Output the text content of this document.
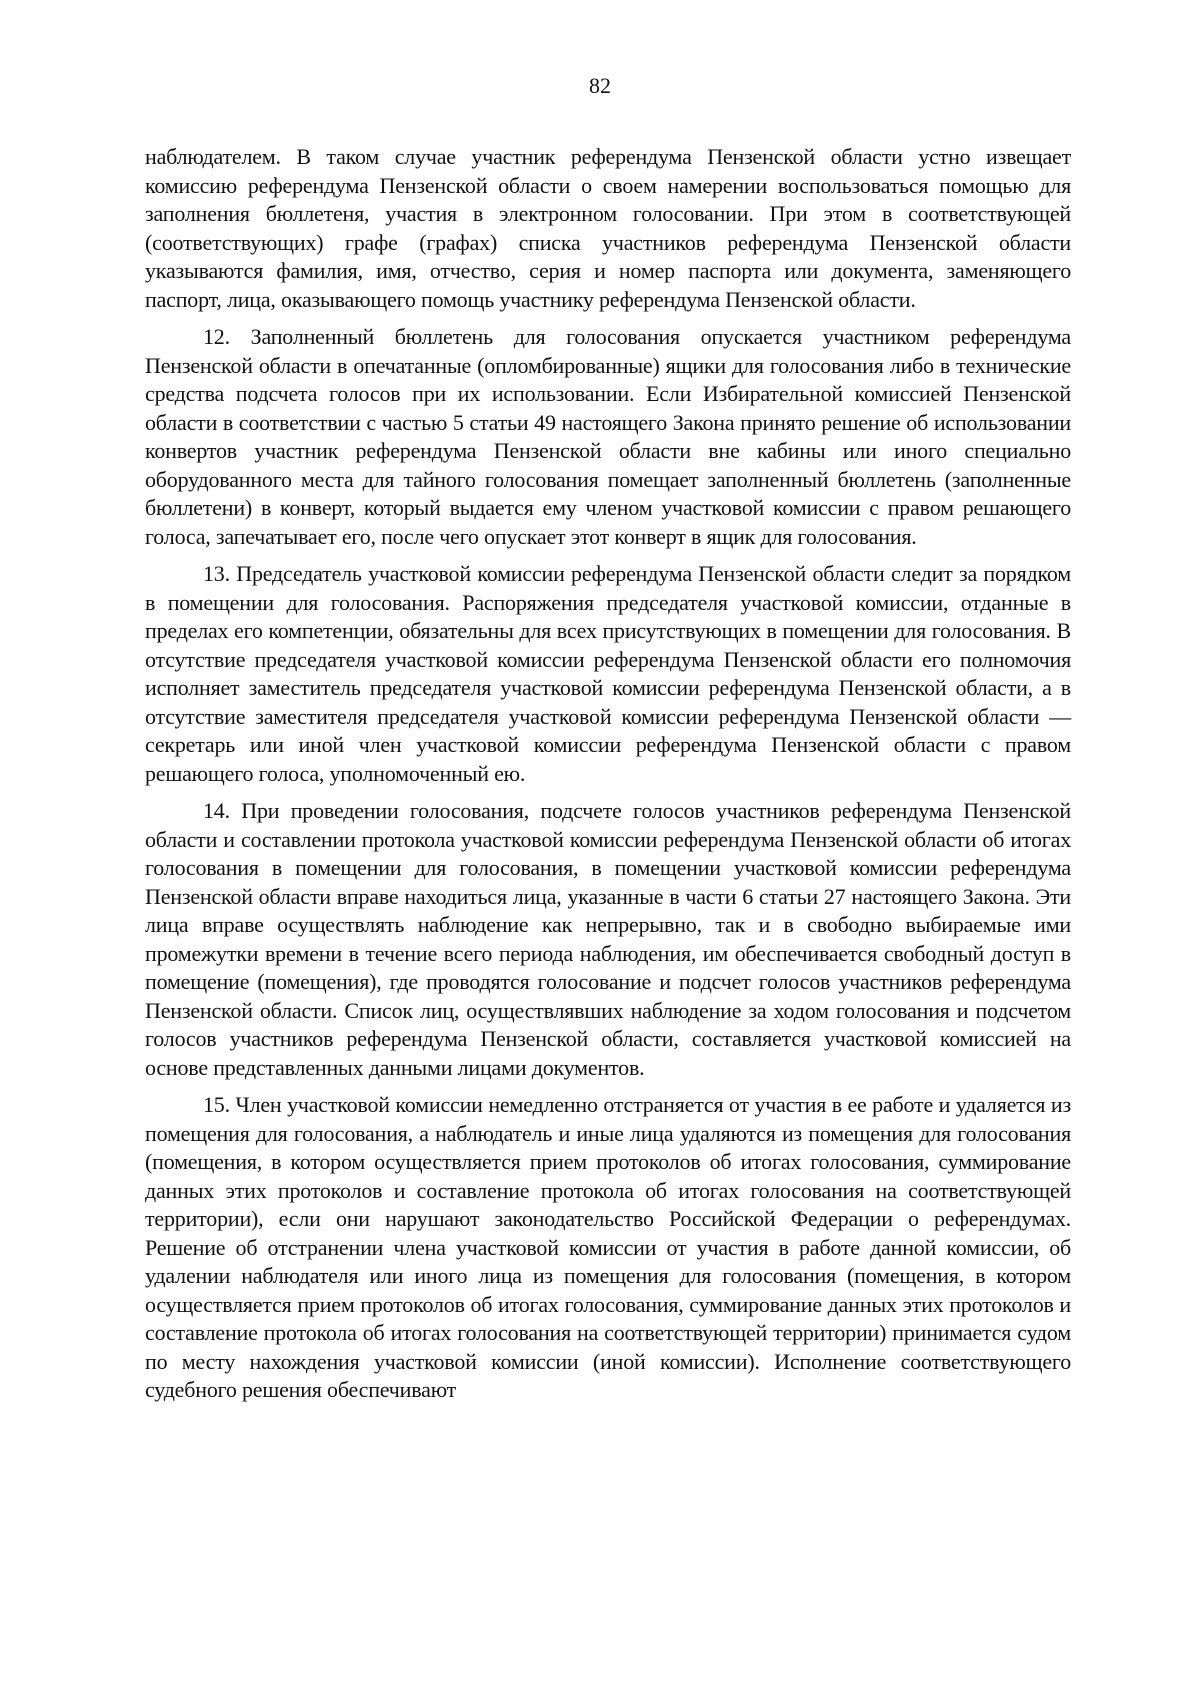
82

наблюдателем. В таком случае участник референдума Пензенской области устно извещает комиссию референдума Пензенской области о своем намерении воспользоваться помощью для заполнения бюллетеня, участия в электронном голосовании. При этом в соответствующей (соответствующих) графе (графах) списка участников референдума Пензенской области указываются фамилия, имя, отчество, серия и номер паспорта или документа, заменяющего паспорт, лица, оказывающего помощь участнику референдума Пензенской области.

12. Заполненный бюллетень для голосования опускается участником референдума Пензенской области в опечатанные (опломбированные) ящики для голосования либо в технические средства подсчета голосов при их использовании. Если Избирательной комиссией Пензенской области в соответствии с частью 5 статьи 49 настоящего Закона принято решение об использовании конвертов участник референдума Пензенской области вне кабины или иного специально оборудованного места для тайного голосования помещает заполненный бюллетень (заполненные бюллетени) в конверт, который выдается ему членом участковой комиссии с правом решающего голоса, запечатывает его, после чего опускает этот конверт в ящик для голосования.

13. Председатель участковой комиссии референдума Пензенской области следит за порядком в помещении для голосования. Распоряжения председателя участковой комиссии, отданные в пределах его компетенции, обязательны для всех присутствующих в помещении для голосования. В отсутствие председателя участковой комиссии референдума Пензенской области его полномочия исполняет заместитель председателя участковой комиссии референдума Пензенской области, а в отсутствие заместителя председателя участковой комиссии референдума Пензенской области — секретарь или иной член участковой комиссии референдума Пензенской области с правом решающего голоса, уполномоченный ею.

14. При проведении голосования, подсчете голосов участников референдума Пензенской области и составлении протокола участковой комиссии референдума Пензенской области об итогах голосования в помещении для голосования, в помещении участковой комиссии референдума Пензенской области вправе находиться лица, указанные в части 6 статьи 27 настоящего Закона. Эти лица вправе осуществлять наблюдение как непрерывно, так и в свободно выбираемые ими промежутки времени в течение всего периода наблюдения, им обеспечивается свободный доступ в помещение (помещения), где проводятся голосование и подсчет голосов участников референдума Пензенской области. Список лиц, осуществлявших наблюдение за ходом голосования и подсчетом голосов участников референдума Пензенской области, составляется участковой комиссией на основе представленных данными лицами документов.

15. Член участковой комиссии немедленно отстраняется от участия в ее работе и удаляется из помещения для голосования, а наблюдатель и иные лица удаляются из помещения для голосования (помещения, в котором осуществляется прием протоколов об итогах голосования, суммирование данных этих протоколов и составление протокола об итогах голосования на соответствующей территории), если они нарушают законодательство Российской Федерации о референдумах. Решение об отстранении члена участковой комиссии от участия в работе данной комиссии, об удалении наблюдателя или иного лица из помещения для голосования (помещения, в котором осуществляется прием протоколов об итогах голосования, суммирование данных этих протоколов и составление протокола об итогах голосования на соответствующей территории) принимается судом по месту нахождения участковой комиссии (иной комиссии). Исполнение соответствующего судебного решения обеспечивают
